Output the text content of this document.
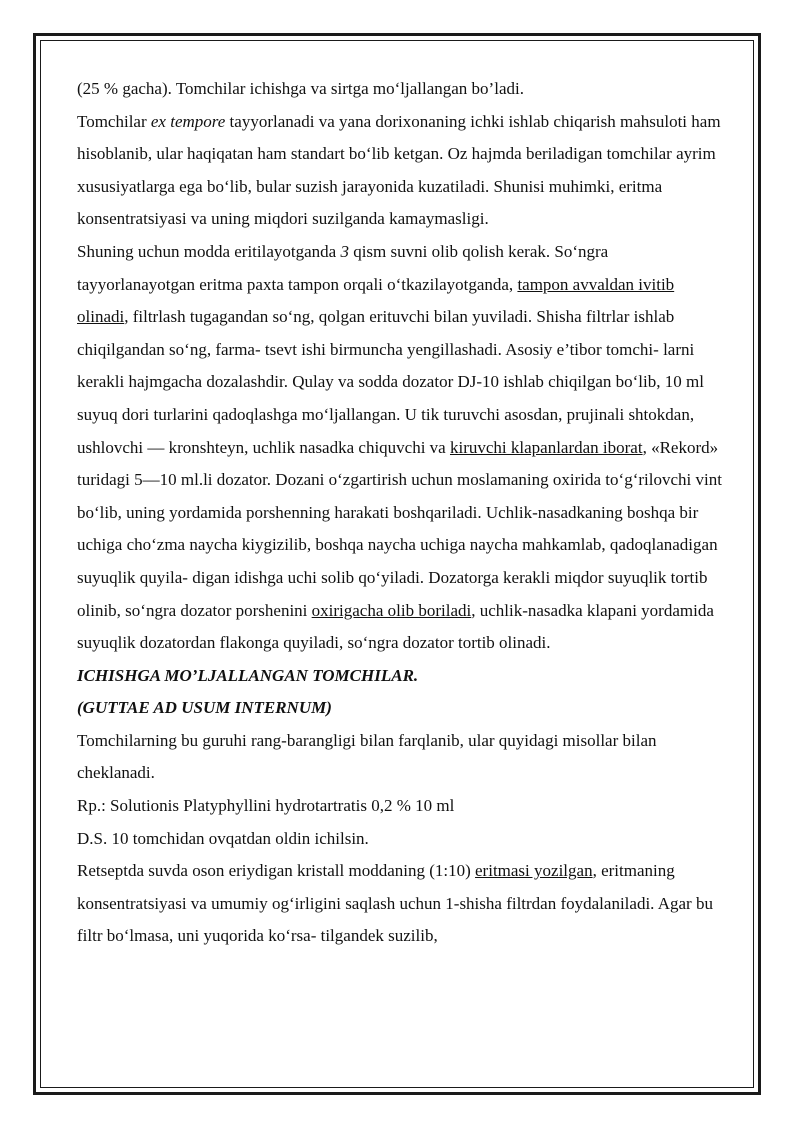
(25 % gacha). Tomchilar ichishga va sirtga mo‘ljallangan bo’ladi.

Tomchilar ex tempore tayyorlanadi va yana dorixonaning ichki ishlab chiqarish mahsuloti ham hisoblanib, ular haqiqatan ham standart bo‘lib ketgan. Oz hajmda beriladigan tomchilar ayrim xususiyatlarga ega bo‘lib, bular suzish jarayonida kuzatiladi. Shunisi muhimki, eritma konsentratsiyasi va uning miqdori suzilganda kamaymasligi.

Shuning uchun modda eritilayotganda 3 qism suvni olib qolish kerak. So‘ngra tayyorlanayotgan eritma paxta tampon orqali o‘tkazilayotganda, tampon avvaldan ivitib olinadi, filtrlash tugagandan so‘ng, qolgan erituvchi bilan yuviladi. Shisha filtrlar ishlab chiqilgandan so‘ng, farma- tsevt ishi birmuncha yengillashadi. Asosiy e’tibor tomchi- larni kerakli hajmgacha dozalashdir. Qulay va sodda dozator DJ-10 ishlab chiqilgan bo‘lib, 10 ml suyuq dori turlarini qadoqlashga mo‘ljallangan. U tik turuvchi asosdan, prujinali shtokdan, ushlovchi — kronshteyn, uchlik nasadka chiquvchi va kiruvchi klapanlardan iborat, «Rekord» turidagi 5—10 ml.li dozator. Dozani o‘zgartirish uchun moslamaning oxirida to‘g‘rilovchi vint bo‘lib, uning yordamida porshenning harakati boshqariladi. Uchlik-nasadkaning boshqa bir uchiga cho‘zma naycha kiygizilib, boshqa naycha uchiga naycha mahkamlab, qadoqlanadigan suyuqlik quyila- digan idishga uchi solib qo‘yiladi. Dozatorga kerakli miqdor suyuqlik tortib olinib, so‘ngra dozator porshenini oxirigacha olib boriladi, uchlik-nasadka klapani yordamida suyuqlik dozatordan flakonga quyiladi, so‘ngra dozator tortib olinadi.

ICHISHGA MO’LJALLANGAN TOMCHILAR.

(GUTTAE AD USUM INTERNUM)

Tomchilarning bu guruhi rang-barangligi bilan farqlanib, ular quyidagi misollar bilan cheklanadi.

Rp.: Solutionis Platyphyllini hydrotartratis 0,2 % 10 ml

D.S. 10 tomchidan ovqatdan oldin ichilsin.

Retseptda suvda oson eriydigan kristall moddaning (1:10) eritmasi yozilgan, eritmaning konsentratsiyasi va umumiy og‘irligini saqlash uchun 1-shisha filtrdan foydalaniladi. Agar bu filtr bo‘lmasa, uni yuqorida ko‘rsa- tilgandek suzilib,
